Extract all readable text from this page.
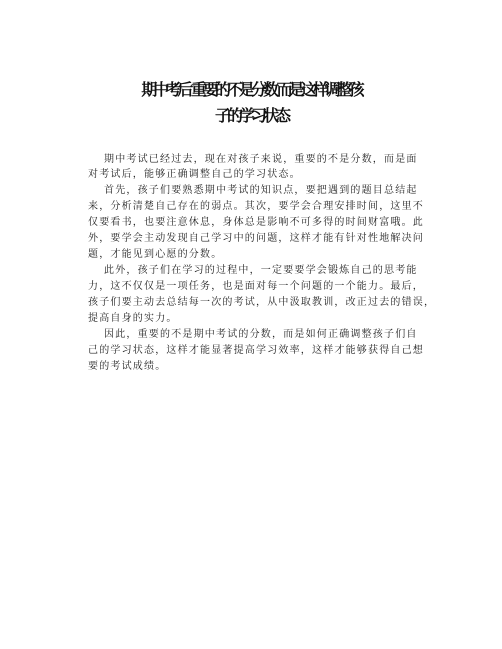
期中考后 重要的不是分数 而是这样调整孩
子的学习状态
期中考试已经过去，现在对孩子来说，重要的不是分数，而是面
对考试后，能够正确调整自己的学习状态。
首先，孩子们要熟悉期中考试的知识点，要把遇到的题目总结起
来，分析清楚自己存在的弱点。其次，要学会合理安排时间，这里不
仅要看书，也要注意休息，身体总是影响不可多得的时间财富哦。此
外，要学会主动发现自己学习中的问题，这样才能有针对性地解决问
题，才能见到心愿的分数。
此外，孩子们在学习的过程中，一定要要学会锻炼自己的思考能
力，这不仅仅是一项任务，也是面对每一个问题的一个能力。最后，
孩子们要主动去总结每一次的考试，从中汲取教训，改正过去的错误，
提高自身的实力。
因此，重要的不是期中考试的分数，而是如何正确调整孩子们自
己的学习状态，这样才能显著提高学习效率，这样才能够获得自己想
要的考试成绩。
